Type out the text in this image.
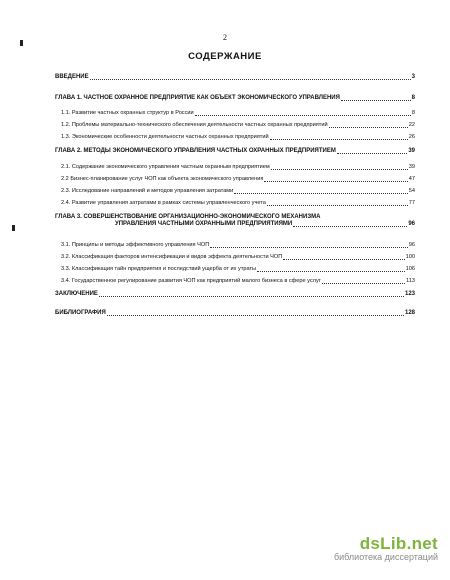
2
СОДЕРЖАНИЕ
ВВЕДЕНИЕ	3
ГЛАВА 1. ЧАСТНОЕ ОХРАННОЕ ПРЕДПРИЯТИЕ КАК ОБЪЕКТ ЭКОНОМИЧЕСКОГО УПРАВЛЕНИЯ	8
1.1. Развитие частных охранных структур в России	8
1.2. Проблемы материально-технического обеспечения деятельности частных охранных предприятий	22
1.3. Экономические особенности деятельности частных охранных предприятий	26
ГЛАВА 2. МЕТОДЫ ЭКОНОМИЧЕСКОГО УПРАВЛЕНИЯ ЧАСТНЫХ ОХРАННЫХ ПРЕДПРИЯТИЕМ	39
2.1. Содержание экономического управления частным охранным предприятием	39
2.2 Бизнес-планирование услуг ЧОП как объекта экономического управления	47
2.3. Исследование направлений и методов управления затратами	54
2.4. Развитие управления затратами в рамках системы управленческого учета	77
ГЛАВА 3. СОВЕРШЕНСТВОВАНИЕ ОРГАНИЗАЦИОННО-ЭКОНОМИЧЕСКОГО МЕХАНИЗМА
УПРАВЛЕНИЯ ЧАСТНЫМИ ОХРАННЫМИ ПРЕДПРИЯТИЯМИ	96
3.1. Принципы и методы эффективного управления ЧОП	96
3.2. Классификация факторов интенсификации и видов эффекта деятельности ЧОП	100
3.3. Классификация тайн предприятия и последствий ущерба от их утраты	106
3.4. Государственное регулирование развития ЧОП как предприятий малого бизнеса в сфере услуг	113
ЗАКЛЮЧЕНИЕ	123
БИБЛИОГРАФИЯ	128
dsLib.net
библиотека диссертаций
